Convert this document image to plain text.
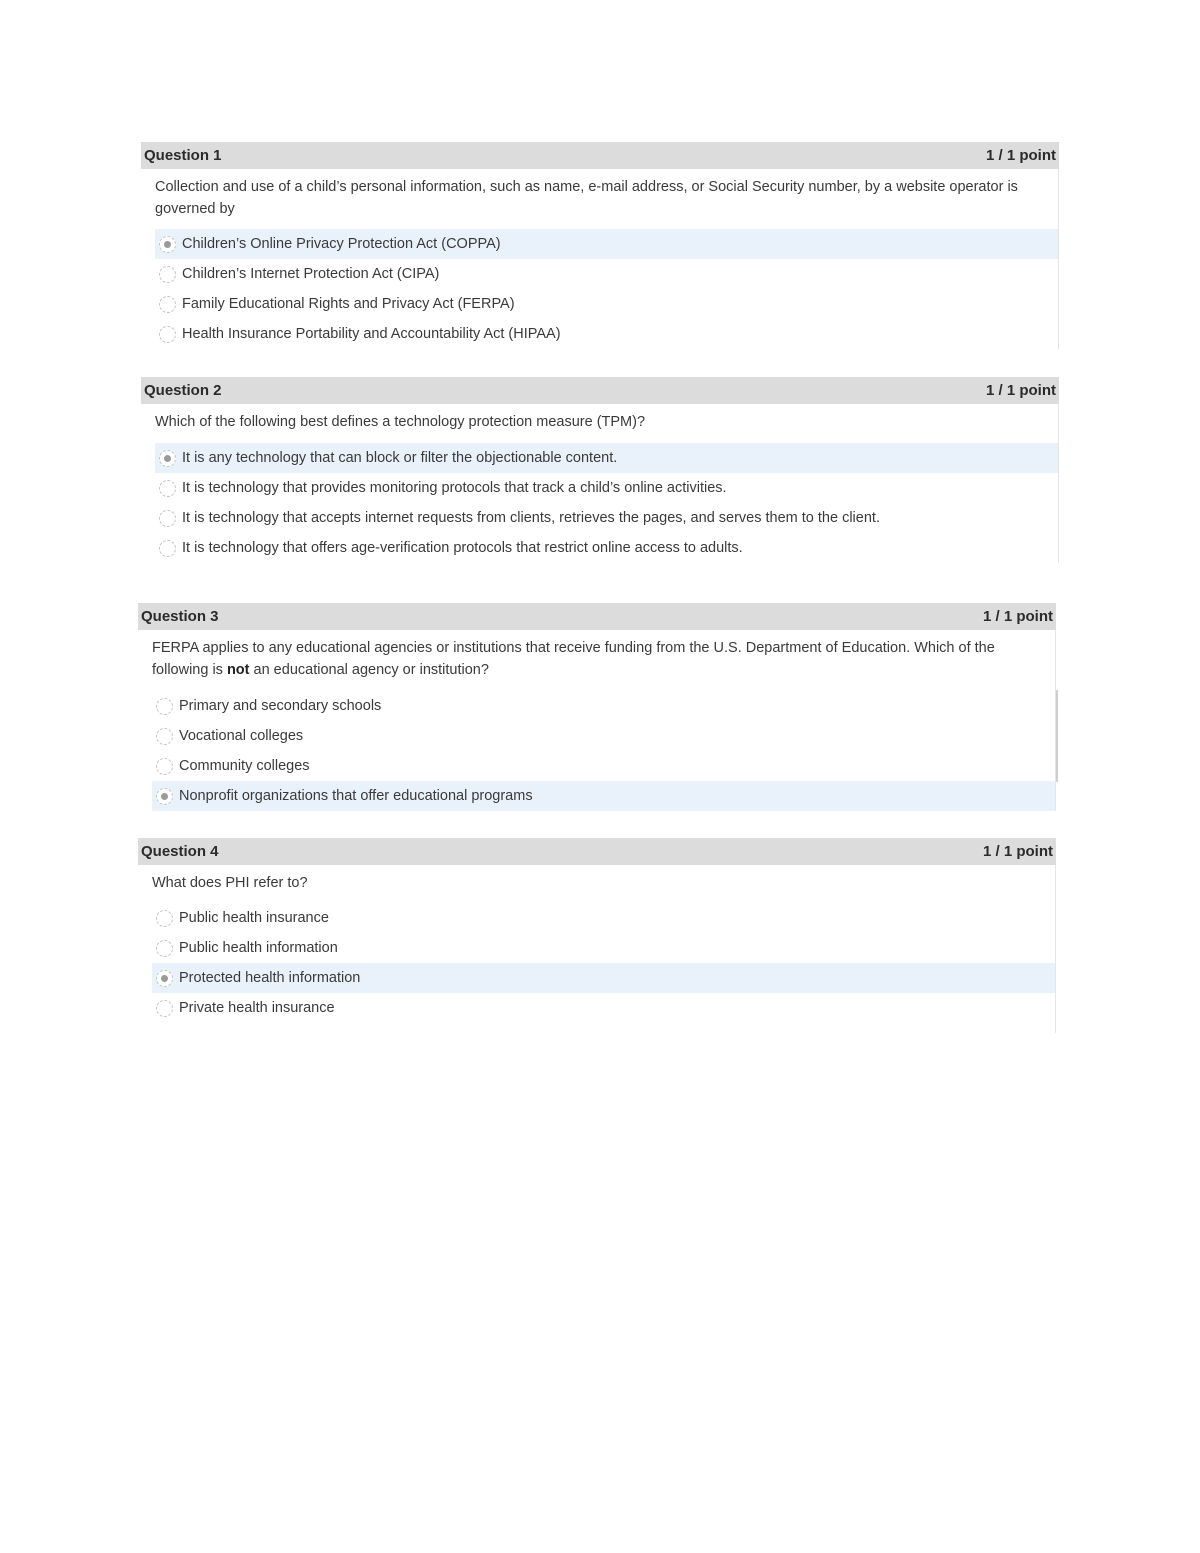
Question 1	1 / 1 point
Collection and use of a child’s personal information, such as name, e-mail address, or Social Security number, by a website operator is governed by
Children’s Online Privacy Protection Act (COPPA)
Children’s Internet Protection Act (CIPA)
Family Educational Rights and Privacy Act (FERPA)
Health Insurance Portability and Accountability Act (HIPAA)
Question 2	1 / 1 point
Which of the following best defines a technology protection measure (TPM)?
It is any technology that can block or filter the objectionable content.
It is technology that provides monitoring protocols that track a child’s online activities.
It is technology that accepts internet requests from clients, retrieves the pages, and serves them to the client.
It is technology that offers age-verification protocols that restrict online access to adults.
Question 3	1 / 1 point
FERPA applies to any educational agencies or institutions that receive funding from the U.S. Department of Education. Which of the following is not an educational agency or institution?
Primary and secondary schools
Vocational colleges
Community colleges
Nonprofit organizations that offer educational programs
Question 4	1 / 1 point
What does PHI refer to?
Public health insurance
Public health information
Protected health information
Private health insurance
